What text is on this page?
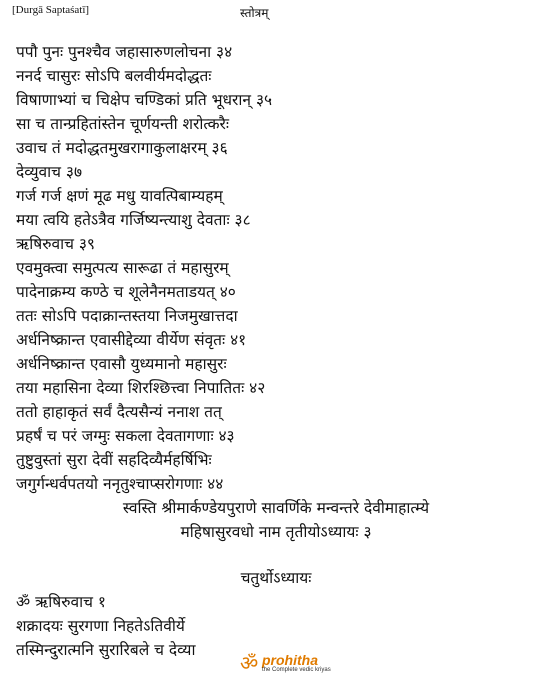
[Durgā Saptaśatī]	स्तोत्रम्
पपौ पुनः पुनश्चैव जहासारुणलोचना ३४
ननर्द चासुरः सोऽपि बलवीर्यमदोद्धतः
विषाणाभ्यां च चिक्षेप चण्डिकां प्रति भूधरान् ३५
सा च तान्प्रहितांस्तेन चूर्णयन्ती शरोत्करैः
उवाच तं मदोद्धतमुखरागाकुलाक्षरम् ३६
देव्युवाच ३७
गर्ज गर्ज क्षणं मूढ मधु यावत्पिबाम्यहम्
मया त्वयि हतेऽत्रैव गर्जिष्यन्त्याशु देवताः ३८
ऋषिरुवाच ३९
एवमुक्त्वा समुत्पत्य सारूढा तं महासुरम्
पादेनाक्रम्य कण्ठे च शूलेनैनमताडयत् ४०
ततः सोऽपि पदाक्रान्तस्तया निजमुखात्तदा
अर्धनिष्क्रान्त एवासीद्देव्या वीर्येण संवृतः ४१
अर्धनिष्क्रान्त एवासौ युध्यमानो महासुरः
तया महासिना देव्या शिरश्छित्त्वा निपातितः ४२
ततो हाहाकृतं सर्वं दैत्यसैन्यं ननाश तत्
प्रहर्षं च परं जग्मुः सकला देवतागणाः ४३
तुष्टुवुस्तां सुरा देवीं सहदिव्यैर्महर्षिभिः
जगुर्गन्धर्वपतयो ननृतुश्चाप्सरोगणाः ४४
स्वस्ति श्रीमार्कण्डेयपुराणे सावर्णिके मन्वन्तरे देवीमाहात्म्ये
महिषासुरवधो नाम तृतीयोऽध्यायः ३
चतुर्थोऽध्यायः
ॐ ऋषिरुवाच १
शक्रादयः सुरगणा निहतेऽतिवीर्ये
तस्मिन्दुरात्मनि सुरारिबले च देव्या
ॐ prohitha
the Complete vedic kriyas
